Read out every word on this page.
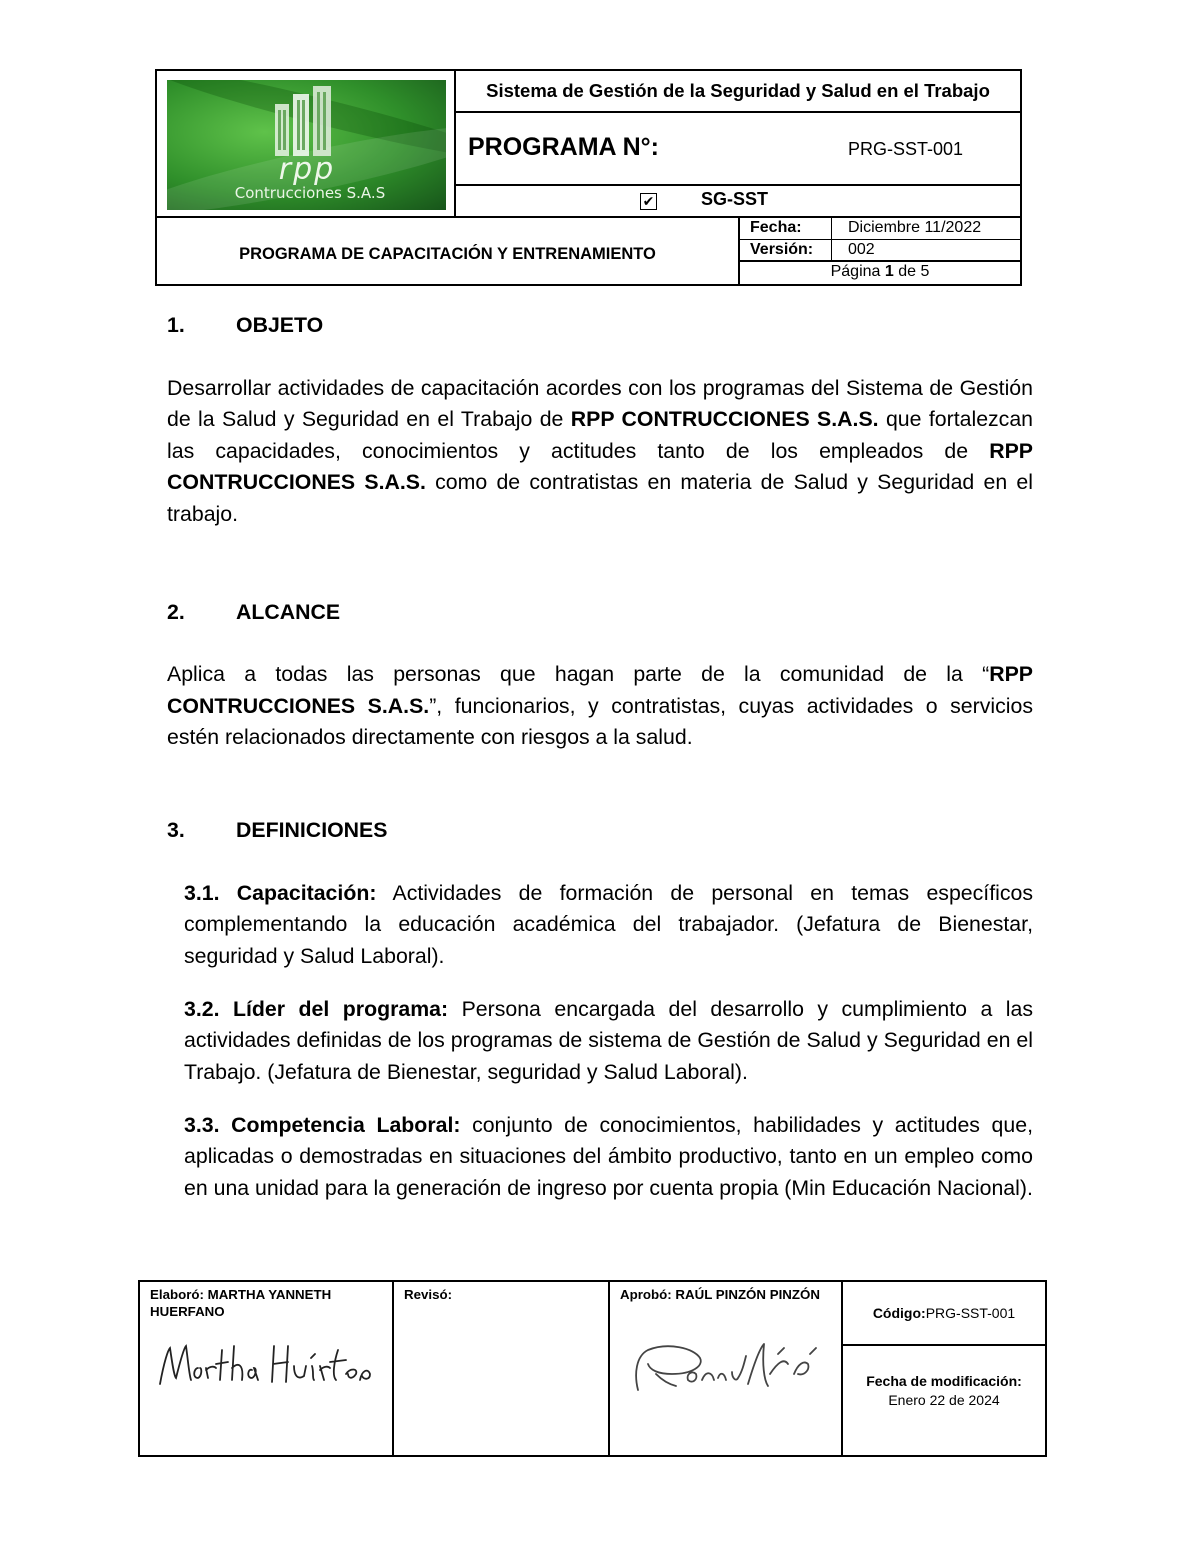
rpp
Contrucciones S.A.S
Sistema de Gestión de la Seguridad y Salud en el Trabajo
PROGRAMA N°:	PRG-SST-001
✔	SG-SST
PROGRAMA DE CAPACITACIÓN Y ENTRENAMIENTO
Fecha:	Diciembre 11/2022
Versión: 002
Página 1 de 5
1.	OBJETO

Desarrollar actividades de capacitación acordes con los programas del Sistema de Gestión de la Salud y Seguridad en el Trabajo de RPP CONTRUCCIONES S.A.S. que fortalezcan las capacidades, conocimientos y actitudes tanto de los empleados de RPP CONTRUCCIONES S.A.S. como de contratistas en materia de Salud y Seguridad en el trabajo.

2.	ALCANCE

Aplica a todas las personas que hagan parte de la comunidad de la “RPP CONTRUCCIONES S.A.S.”, funcionarios, y contratistas, cuyas actividades o servicios estén relacionados directamente con riesgos a la salud.

3.	DEFINICIONES

3.1. Capacitación: Actividades de formación de personal en temas específicos complementando la educación académica del trabajador. (Jefatura de Bienestar, seguridad y Salud Laboral).

3.2. Líder del programa: Persona encargada del desarrollo y cumplimiento a las actividades definidas de los programas de sistema de Gestión de Salud y Seguridad en el Trabajo. (Jefatura de Bienestar, seguridad y Salud Laboral).

3.3. Competencia Laboral: conjunto de conocimientos, habilidades y actitudes que, aplicadas o demostradas en situaciones del ámbito productivo, tanto en un empleo como en una unidad para la generación de ingreso por cuenta propia (Min Educación Nacional).

Elaboró: MARTHA YANNETH HUERFANO
Revisó:	Aprobó: RAÚL PINZÓN PINZÓN
Código: PRG-SST-001
Fecha de modificación:
Enero 22 de 2024
